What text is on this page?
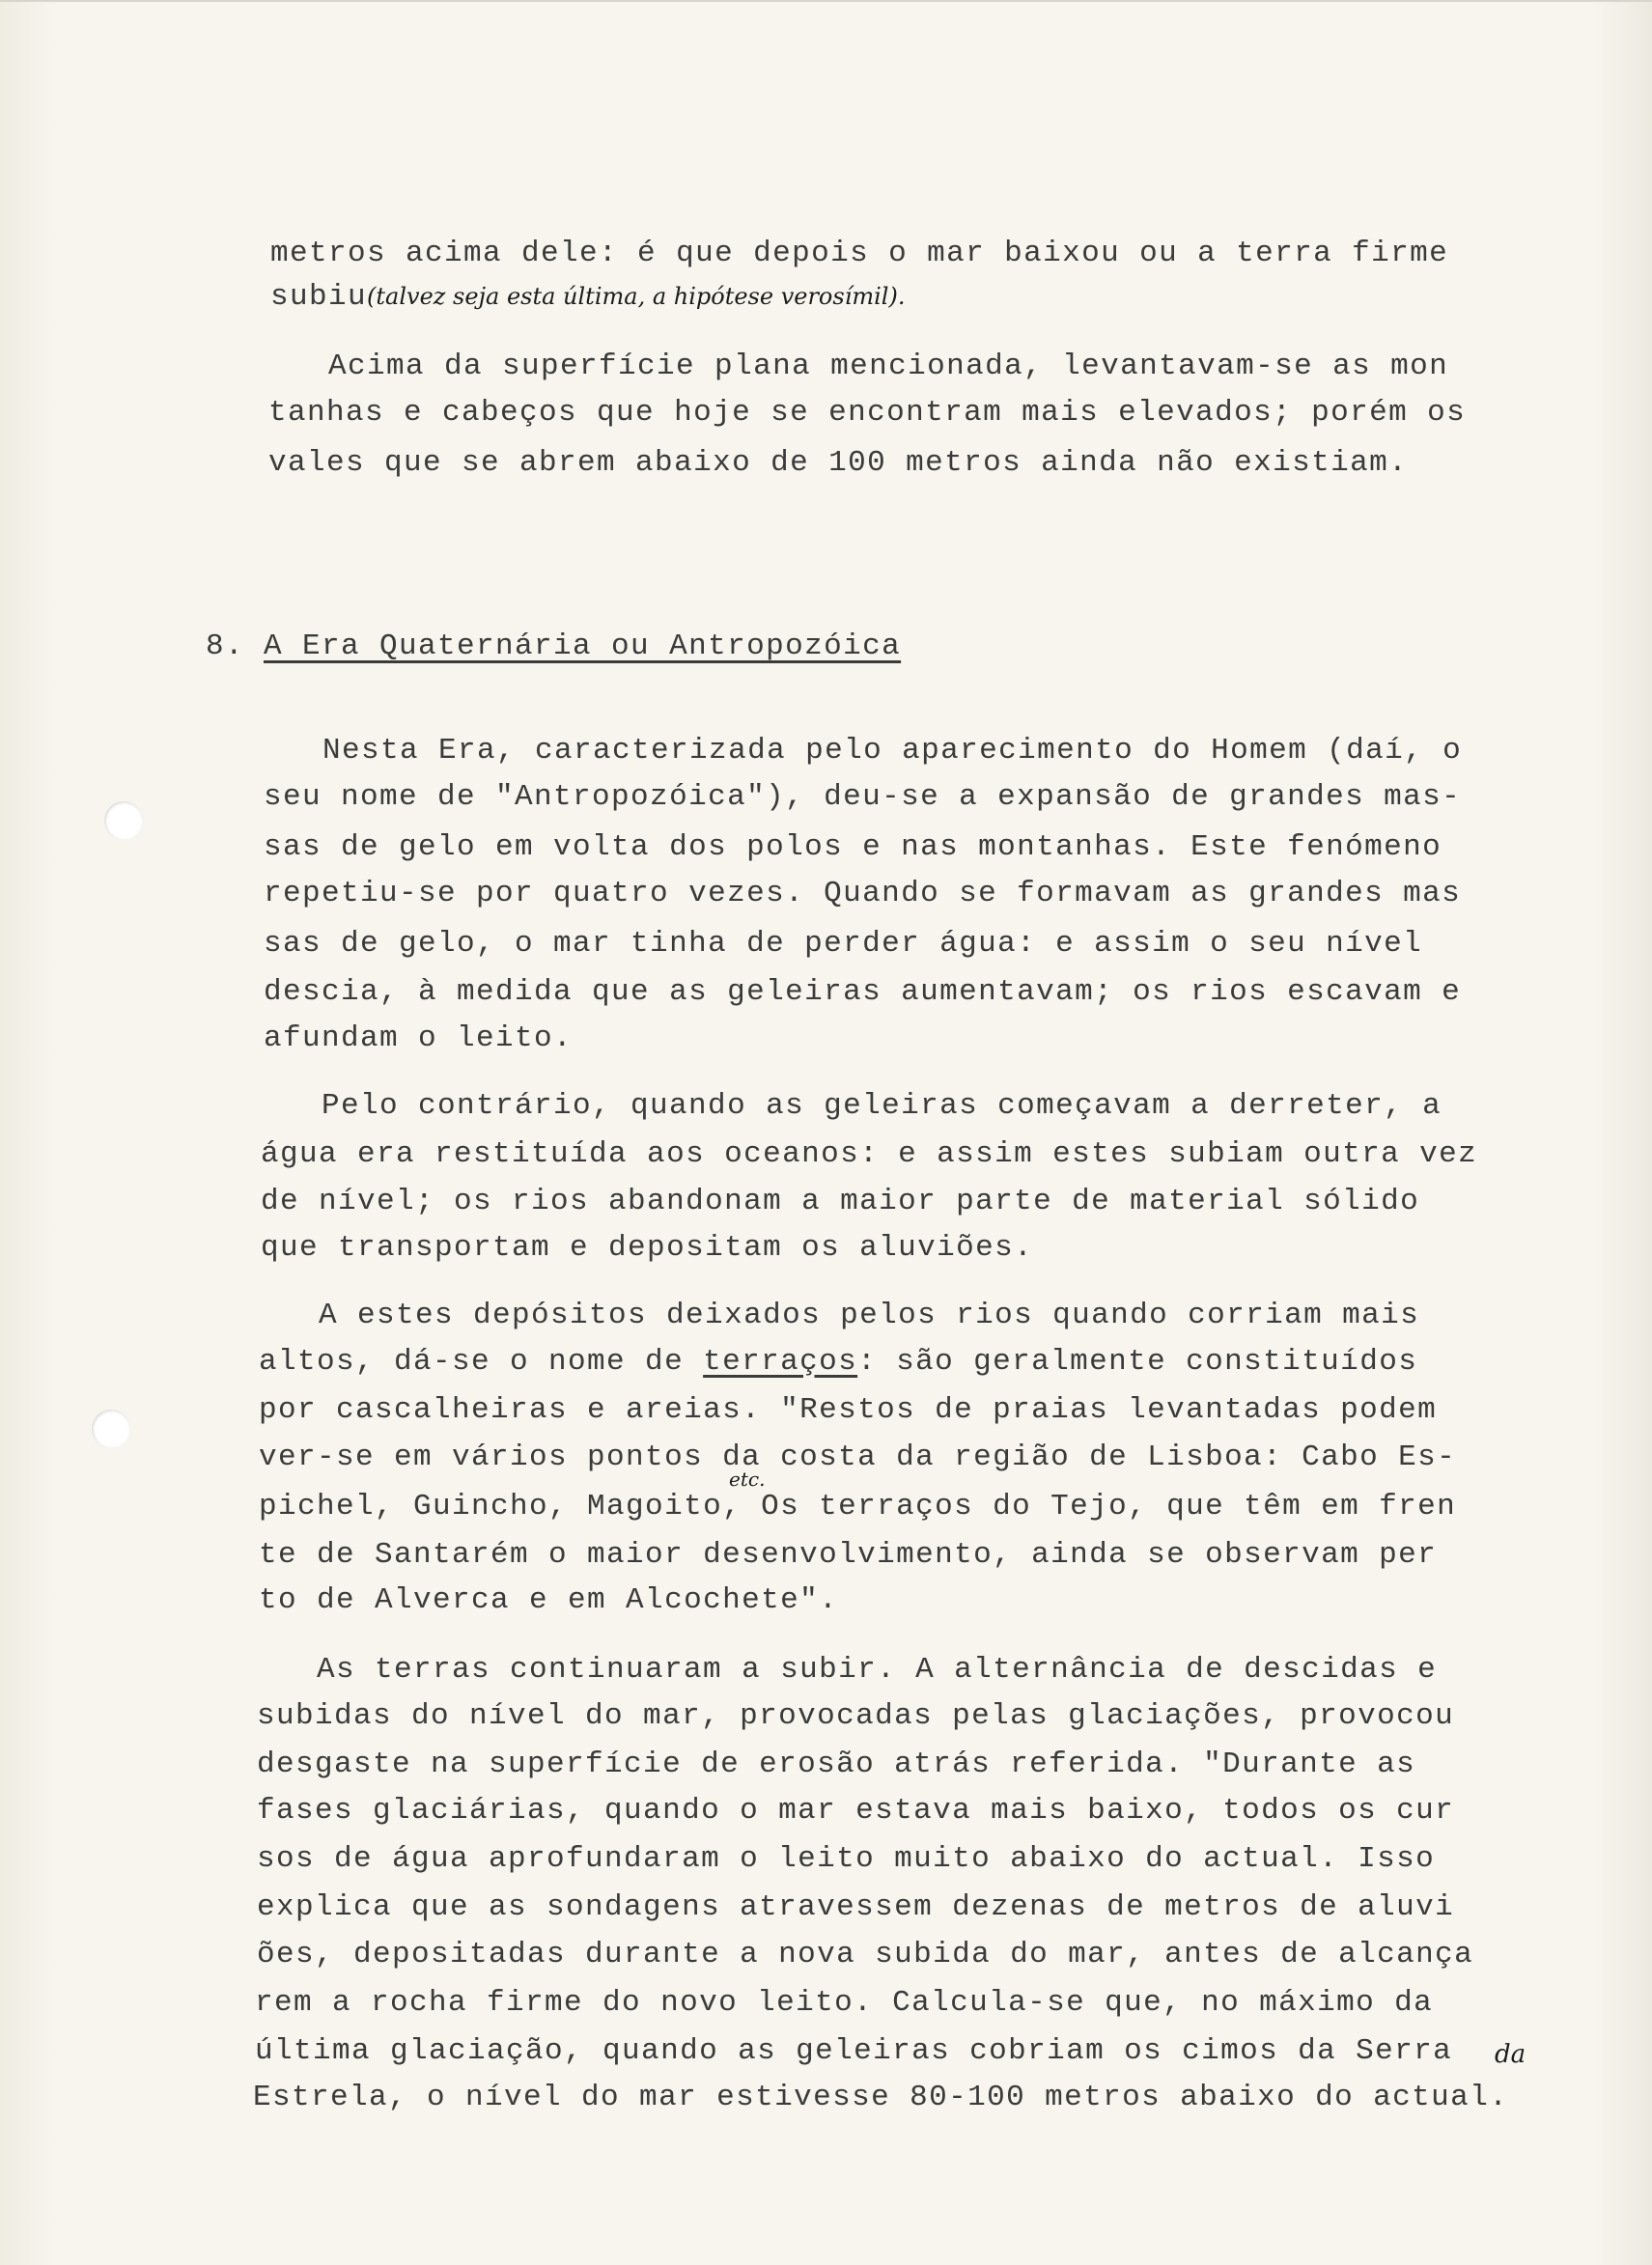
metros acima dele: é que depois o mar baixou ou a terra firme
subiu(talvez seja esta última, a hipótese verosímil).
Acima da superfície plana mencionada, levantavam-se as mon
tanhas e cabeços que hoje se encontram mais elevados; porém os
vales que se abrem abaixo de 100 metros ainda não existiam.
8. A Era Quaternária ou Antropozóica
Nesta Era, caracterizada pelo aparecimento do Homem (daí, o
seu nome de "Antropozóica"), deu-se a expansão de grandes mas-
sas de gelo em volta dos polos e nas montanhas. Este fenómeno
repetiu-se por quatro vezes. Quando se formavam as grandes mas
sas de gelo, o mar tinha de perder água: e assim o seu nível
descia, à medida que as geleiras aumentavam; os rios escavam e
afundam o leito.
Pelo contrário, quando as geleiras começavam a derreter, a
água era restituída aos oceanos: e assim estes subiam outra vez
de nível; os rios abandonam a maior parte de material sólido
que transportam e depositam os aluviões.
A estes depósitos deixados pelos rios quando corriam mais
altos, dá-se o nome de terraços: são geralmente constituídos
por cascalheiras e areias. "Restos de praias levantadas podem
ver-se em vários pontos da costa da região de Lisboa: Cabo Es-
etc.
pichel, Guincho, Magoito, Os terraços do Tejo, que têm em fren
te de Santarém o maior desenvolvimento, ainda se observam per
to de Alverca e em Alcochete".
As terras continuaram a subir. A alternância de descidas e
subidas do nível do mar, provocadas pelas glaciações, provocou
desgaste na superfície de erosão atrás referida. "Durante as
fases glaciárias, quando o mar estava mais baixo, todos os cur
sos de água aprofundaram o leito muito abaixo do actual. Isso
explica que as sondagens atravessem dezenas de metros de aluvi
ões, depositadas durante a nova subida do mar, antes de alcança
rem a rocha firme do novo leito. Calcula-se que, no máximo da
última glaciação, quando as geleiras cobriam os cimos da Serra da
Estrela, o nível do mar estivesse 80-100 metros abaixo do actual.
